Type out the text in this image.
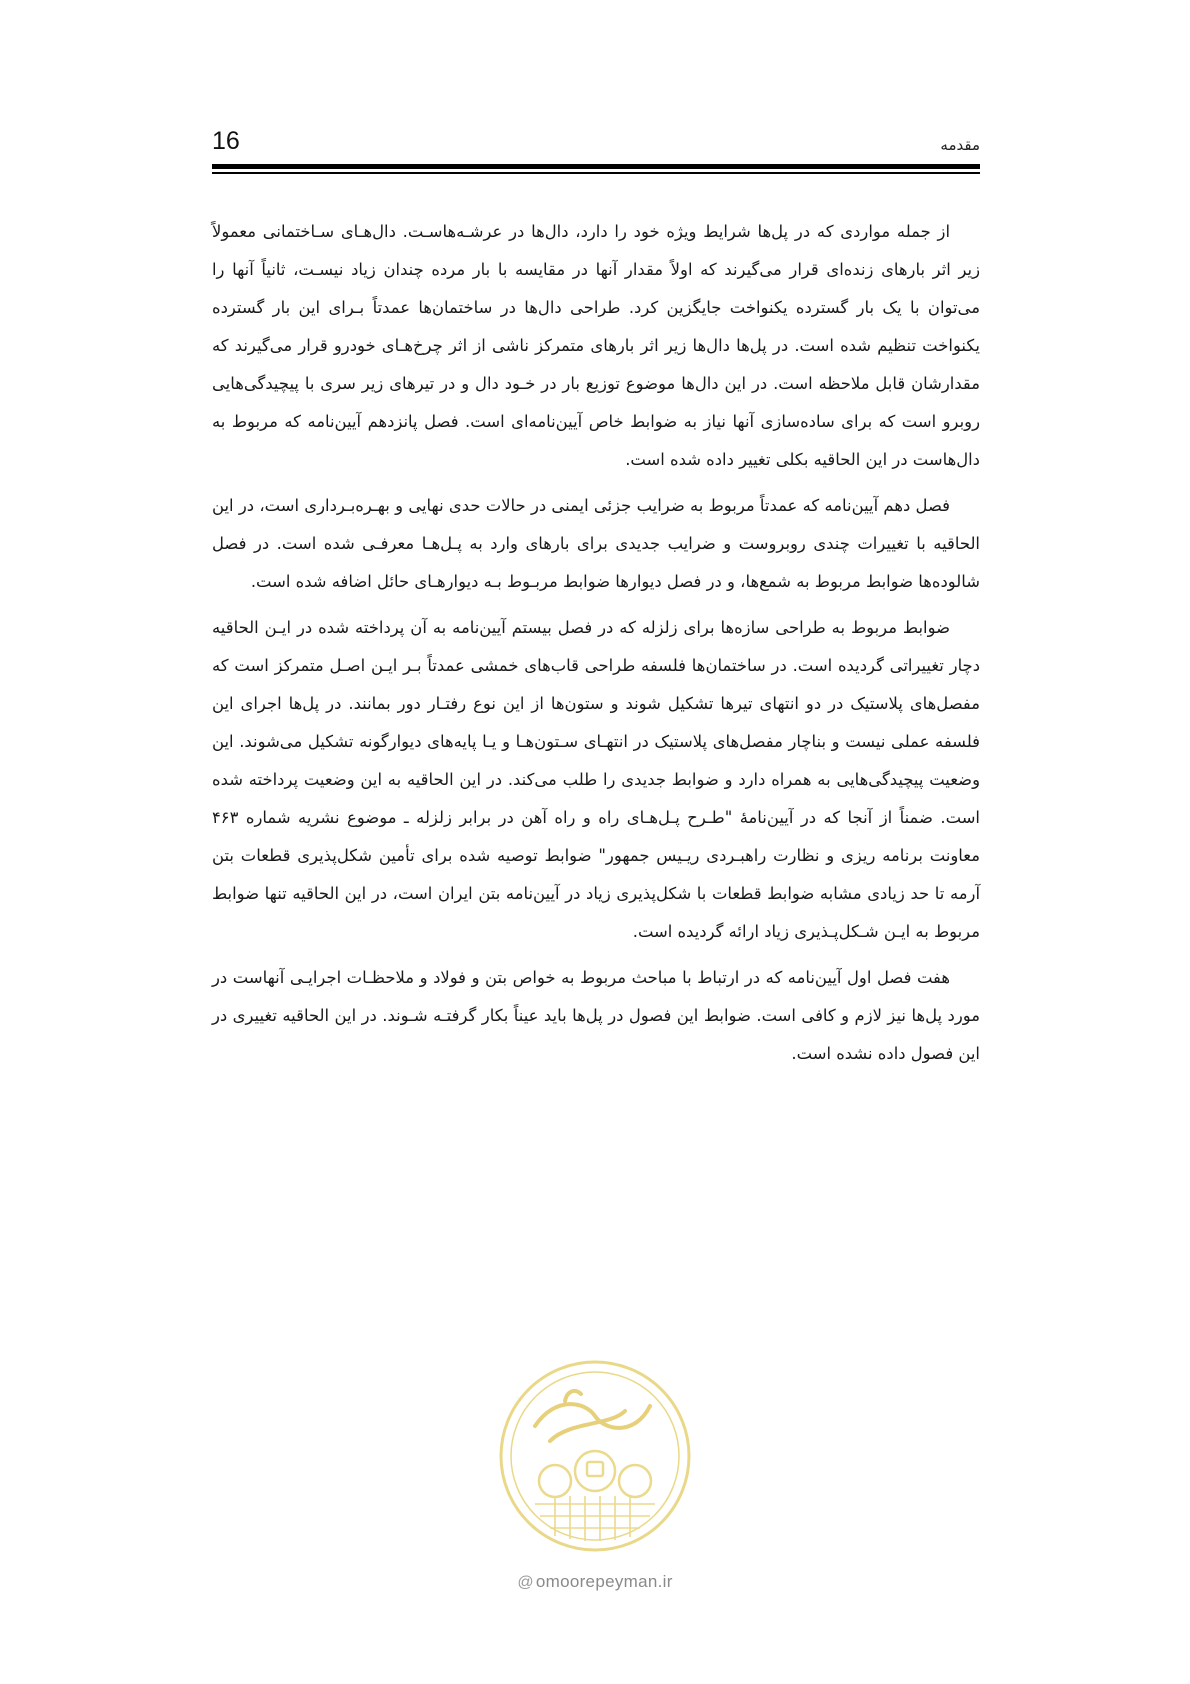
16	مقدمه

از جمله مواردی که در پل‌ها شرایط ویژه خود را دارد، دال‌ها در عرشـه‌هاسـت. دال‌هـای سـاختمانی معمولاً زیر اثر بارهای زنده‌ای قرار می‌گیرند که اولاً مقدار آنها در مقایسه با بار مرده چندان زیاد نیسـت، ثانیاً آنها را می‌توان با یک بار گسترده یکنواخت جایگزین کرد. طراحی دال‌ها در ساختمان‌ها عمدتاً بـرای این بار گسترده یکنواخت تنظیم شده است. در پل‌ها دال‌ها زیر اثر بارهای متمرکز ناشی از اثر چرخ‌هـای خودرو قرار می‌گیرند که مقدارشان قابل ملاحظه است. در این دال‌ها موضوع توزیع بار در خـود دال و در تیرهای زیر سری با پیچیدگی‌هایی روبرو است که برای ساده‌سازی آنها نیاز به ضوابط خاص آیین‌نامه‌ای است. فصل پانزدهم آیین‌نامه که مربوط به دال‌هاست در این الحاقیه بکلی تغییر داده شده است.

فصل دهم آیین‌نامه که عمدتاً مربوط به ضرایب جزئی ایمنی در حالات حدی نهایی و بهـره‌بـرداری است، در این الحاقیه با تغییرات چندی روبروست و ضرایب جدیدی برای بارهای وارد به پـل‌هـا معرفـی شده است. در فصل شالوده‌ها ضوابط مربوط به شمع‌ها، و در فصل دیوارها ضوابط مربـوط بـه دیوارهـای حائل اضافه شده است.

ضوابط مربوط به طراحی سازه‌ها برای زلزله که در فصل بیستم آیین‌نامه به آن پرداخته شده در ایـن الحاقیه دچار تغییراتی گردیده است. در ساختمان‌ها فلسفه طراحی قاب‌های خمشی عمدتاً بـر ایـن اصـل متمرکز است که مفصل‌های پلاستیک در دو انتهای تیرها تشکیل شوند و ستون‌ها از این نوع رفتـار دور بمانند. در پل‌ها اجرای این فلسفه عملی نیست و بناچار مفصل‌های پلاستیک در انتهـای سـتون‌هـا و یـا پایه‌های دیوارگونه تشکیل می‌شوند. این وضعیت پیچیدگی‌هایی به همراه دارد و ضوابط جدیدی را طلب می‌کند. در این الحاقیه به این وضعیت پرداخته شده است. ضمناً از آنجا که در آیین‌نامهٔ "طـرح پـل‌هـای راه و راه آهن در برابر زلزله ـ موضوع نشریه شماره ۴۶۳ معاونت برنامه ریزی و نظارت راهبـردی ریـیس جمهور" ضوابط توصیه شده برای تأمین شکل‌پذیری قطعات بتن آرمه تا حد زیادی مشابه ضوابط قطعات با شکل‌پذیری زیاد در آیین‌نامه بتن ایران است، در این الحاقیه تنها ضوابط مربوط به ایـن شـکل‌پـذیری زیاد ارائه گردیده است.

هفت فصل اول آیین‌نامه که در ارتباط با مباحث مربوط به خواص بتن و فولاد و ملاحظـات اجرایـی آنهاست در مورد پل‌ها نیز لازم و کافی است. ضوابط این فصول در پل‌ها باید عیناً بکار گرفتـه شـوند. در این الحاقیه تغییری در این فصول داده نشده است.

@ omoorepeyman.ir
